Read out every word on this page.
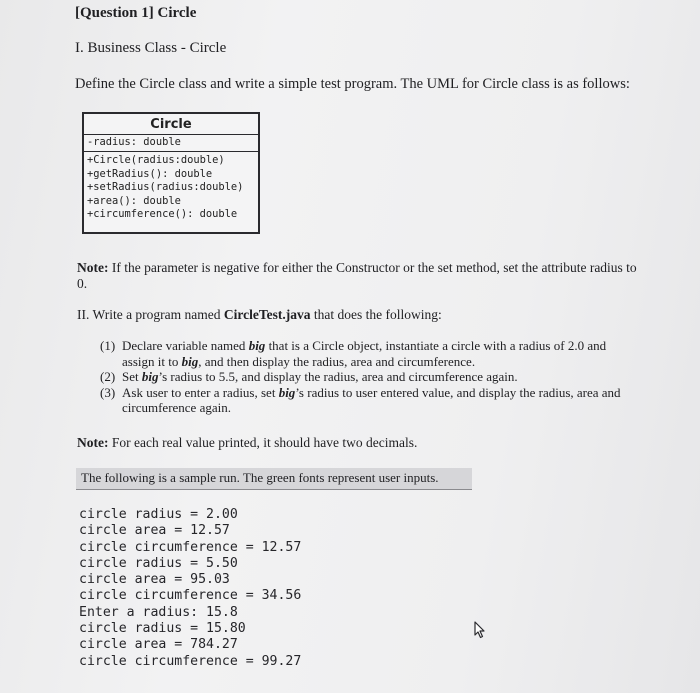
[Question 1] Circle
I. Business Class - Circle
Define the Circle class and write a simple test program. The UML for Circle class is as follows:
Circle
-radius: double
+Circle(radius:double)
+getRadius(): double
+setRadius(radius:double)
+area(): double
+circumference(): double
Note: If the parameter is negative for either the Constructor or the set method, set the attribute radius to 0.
II. Write a program named CircleTest.java that does the following:
(1) Declare variable named big that is a Circle object, instantiate a circle with a radius of 2.0 and assign it to big, and then display the radius, area and circumference.
(2) Set big’s radius to 5.5, and display the radius, area and circumference again.
(3) Ask user to enter a radius, set big’s radius to user entered value, and display the radius, area and circumference again.
Note: For each real value printed, it should have two decimals.
The following is a sample run. The green fonts represent user inputs.
circle radius = 2.00
circle area = 12.57
circle circumference = 12.57
circle radius = 5.50
circle area = 95.03
circle circumference = 34.56
Enter a radius: 15.8
circle radius = 15.80
circle area = 784.27
circle circumference = 99.27
